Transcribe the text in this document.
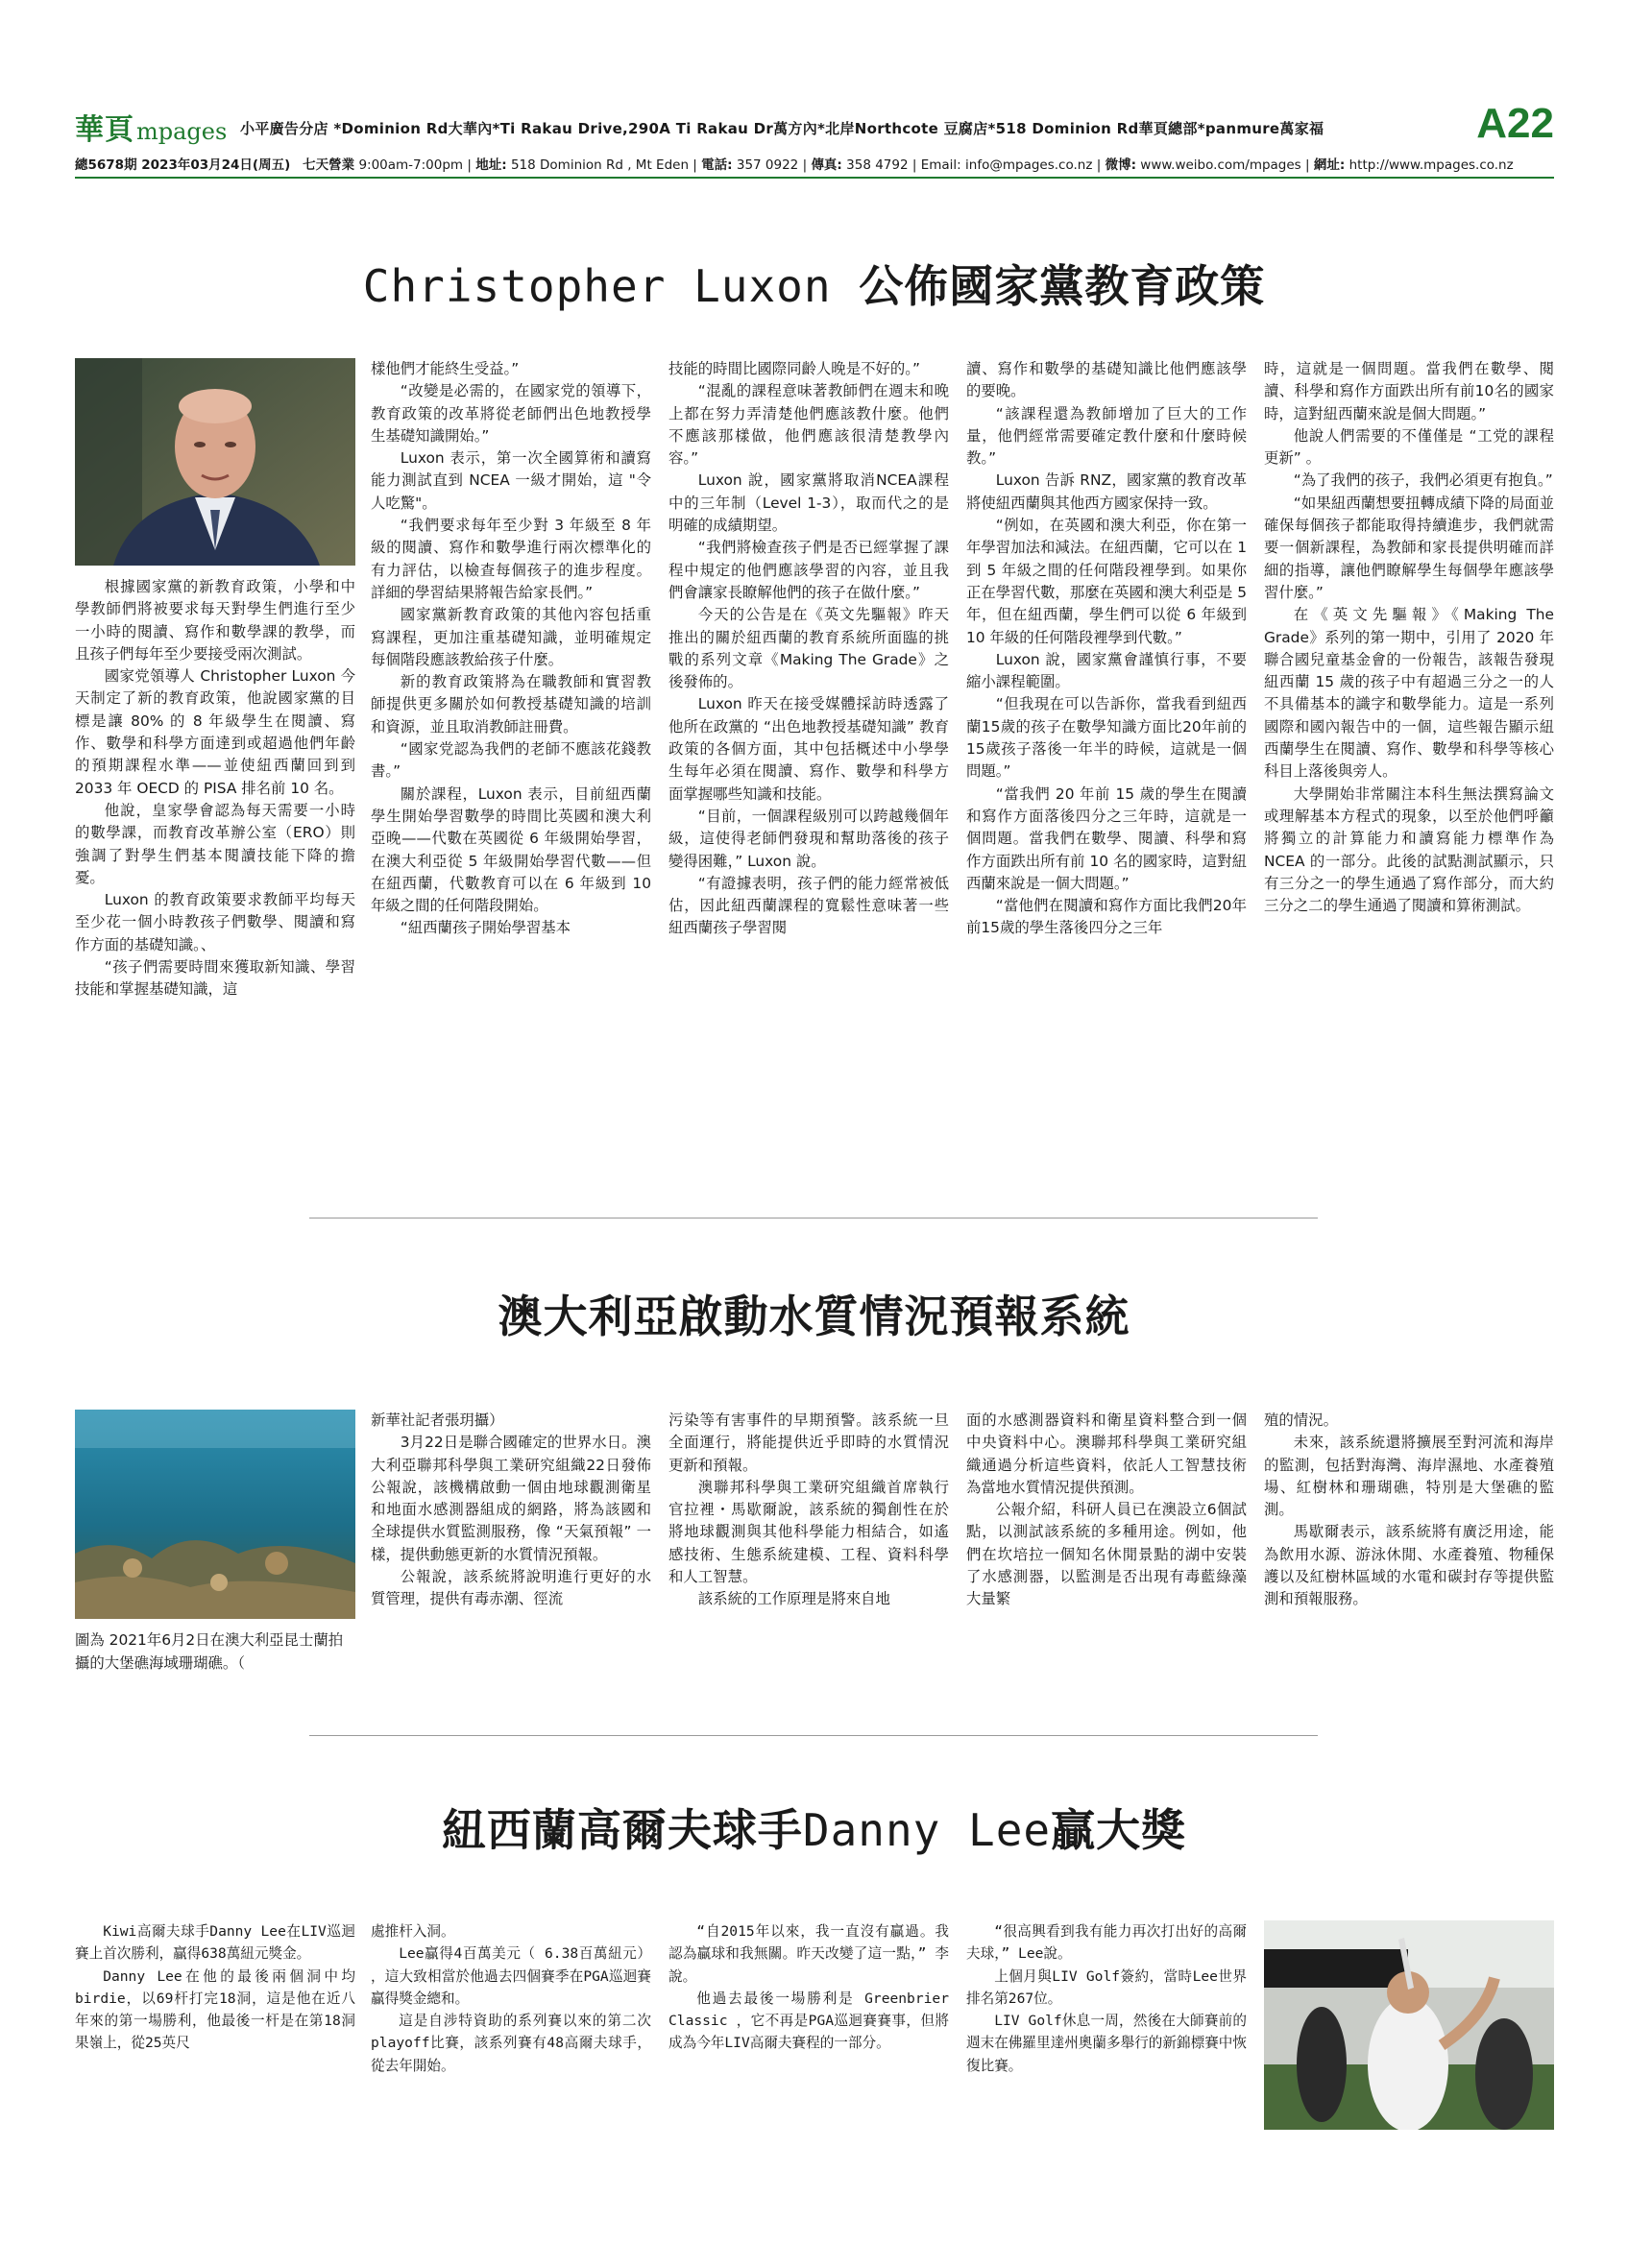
華頁 mpages 小平廣告分店 *Dominion Rd大華內*Ti Rakau Drive,290A Ti Rakau Dr萬方內*北岸Northcote 豆腐店*518 Dominion Rd華頁總部*panmure萬家福	A22
總5678期 2023年03月24日(周五) 七天營業 9:00am-7:00pm | 地址: 518 Dominion Rd , Mt Eden | 電話: 357 0922 | 傳真: 358 4792 | Email: info@mpages.co.nz | 微博: www.weibo.com/mpages | 網址: http://www.mpages.co.nz
Christopher Luxon 公佈國家黨教育政策

根據國家黨的新教育政策，小學和中學教師們將被要求每天對學生們進行至少一小時的閱讀、寫作和數學課的教學，而且孩子們每年至少要接受兩次測試。

國家党領導人 Christopher Luxon 今天制定了新的教育政策，他說國家黨的目標是讓 80% 的 8 年級學生在閱讀、寫作、數學和科學方面達到或超過他們年齡的預期課程水準——並使紐西蘭回到到 2033 年 OECD 的 PISA 排名前 10 名。

他說，皇家學會認為每天需要一小時的數學課，而教育改革辦公室（ERO）則強調了對學生們基本閱讀技能下降的擔憂。

Luxon 的教育政策要求教師平均每天至少花一個小時教孩子們數學、閱讀和寫作方面的基礎知識。、

“孩子們需要時間來獲取新知識、學習技能和掌握基礎知識，這

樣他們才能終生受益。”

“改變是必需的，在國家党的領導下，教育政策的改革將從老師們出色地教授學生基礎知識開始。”

Luxon 表示，第一次全國算術和讀寫能力測試直到 NCEA 一級才開始，這 "令人吃驚"。

“我們要求每年至少對 3 年級至 8 年級的閱讀、寫作和數學進行兩次標準化的有力評估，以檢查每個孩子的進步程度。詳細的學習結果將報告給家長們。”

國家黨新教育政策的其他內容包括重寫課程，更加注重基礎知識，並明確規定每個階段應該教給孩子什麼。

新的教育政策將為在職教師和實習教師提供更多關於如何教授基礎知識的培訓和資源，並且取消教師註冊費。

“國家党認為我們的老師不應該花錢教書。”

關於課程，Luxon 表示，目前紐西蘭學生開始學習數學的時間比英國和澳大利亞晚——代數在英國從 6 年級開始學習，在澳大利亞從 5 年級開始學習代數——但在紐西蘭，代數教育可以在 6 年級到 10 年級之間的任何階段開始。

“紐西蘭孩子開始學習基本

技能的時間比國際同齡人晚是不好的。”

“混亂的課程意味著教師們在週末和晚上都在努力弄清楚他們應該教什麼。他們不應該那樣做，他們應該很清楚教學內容。”

Luxon 說，國家黨將取消NCEA課程中的三年制（Level 1-3），取而代之的是明確的成績期望。

“我們將檢查孩子們是否已經掌握了課程中規定的他們應該學習的內容，並且我們會讓家長瞭解他們的孩子在做什麼。”

今天的公告是在《英文先驅報》昨天推出的關於紐西蘭的教育系統所面臨的挑戰的系列文章《Making The Grade》之後發佈的。

Luxon 昨天在接受媒體採訪時透露了他所在政黨的 “出色地教授基礎知識” 教育政策的各個方面，其中包括概述中小學學生每年必須在閱讀、寫作、數學和科學方面掌握哪些知識和技能。

“目前，一個課程級別可以跨越幾個年級，這使得老師們發現和幫助落後的孩子變得困難，” Luxon 說。

“有證據表明，孩子們的能力經常被低估，因此紐西蘭課程的寬鬆性意味著一些紐西蘭孩子學習閱

讀、寫作和數學的基礎知識比他們應該學的要晚。

“該課程還為教師增加了巨大的工作量，他們經常需要確定教什麼和什麼時候教。”

Luxon 告訴 RNZ，國家黨的教育改革將使紐西蘭與其他西方國家保持一致。

“例如，在英國和澳大利亞，你在第一年學習加法和減法。在紐西蘭，它可以在 1 到 5 年級之間的任何階段裡學到。如果你正在學習代數，那麼在英國和澳大利亞是 5 年，但在紐西蘭，學生們可以從 6 年級到 10 年級的任何階段裡學到代數。”

Luxon 說，國家黨會謹慎行事，不要縮小課程範圍。

“但我現在可以告訴你，當我看到紐西蘭15歲的孩子在數學知識方面比20年前的15歲孩子落後一年半的時候，這就是一個問題。”

“當我們 20 年前 15 歲的學生在閱讀和寫作方面落後四分之三年時，這就是一個問題。當我們在數學、閱讀、科學和寫作方面跌出所有前 10 名的國家時，這對紐西蘭來說是一個大問題。”

“當他們在閱讀和寫作方面比我們20年前15歲的學生落後四分之三年

時，這就是一個問題。當我們在數學、閱讀、科學和寫作方面跌出所有前10名的國家時，這對紐西蘭來說是個大問題。”

他說人們需要的不僅僅是 “工党的課程更新” 。

“為了我們的孩子，我們必須更有抱負。”

“如果紐西蘭想要扭轉成績下降的局面並確保每個孩子都能取得持續進步，我們就需要一個新課程，為教師和家長提供明確而詳細的指導，讓他們瞭解學生每個學年應該學習什麼。”

在《英文先驅報》《Making The Grade》系列的第一期中，引用了 2020 年聯合國兒童基金會的一份報告，該報告發現紐西蘭 15 歲的孩子中有超過三分之一的人不具備基本的識字和數學能力。這是一系列國際和國內報告中的一個，這些報告顯示紐西蘭學生在閱讀、寫作、數學和科學等核心科目上落後與旁人。

大學開始非常關注本科生無法撰寫論文或理解基本方程式的現象，以至於他們呼籲將獨立的計算能力和讀寫能力標準作為 NCEA 的一部分。此後的試點測試顯示，只有三分之一的學生通過了寫作部分，而大約三分之二的學生通過了閱讀和算術測試。

澳大利亞啟動水質情況預報系統
圖為 2021年6月2日在澳大利亞昆士蘭拍攝的大堡礁海域珊瑚礁。（

新華社記者張玥攝）

3月22日是聯合國確定的世界水日。澳大利亞聯邦科學與工業研究組織22日發佈公報說，該機構啟動一個由地球觀測衛星和地面水感測器組成的網路，將為該國和全球提供水質監測服務，像 “天氣預報” 一樣，提供動態更新的水質情況預報。

公報說，該系統將說明進行更好的水質管理，提供有毒赤潮、徑流

污染等有害事件的早期預警。該系統一旦全面運行，將能提供近乎即時的水質情況更新和預報。

澳聯邦科學與工業研究組織首席執行官拉裡・馬歇爾說，該系統的獨創性在於將地球觀測與其他科學能力相結合，如遙感技術、生態系統建模、工程、資料科學和人工智慧。

該系統的工作原理是將來自地

面的水感測器資料和衛星資料整合到一個中央資料中心。澳聯邦科學與工業研究組織通過分析這些資料，依託人工智慧技術為當地水質情況提供預測。

公報介紹，科研人員已在澳設立6個試點，以測試該系統的多種用途。例如，他們在坎培拉一個知名休閒景點的湖中安裝了水感測器，以監測是否出現有毒藍綠藻大量繁

殖的情況。

未來，該系統還將擴展至對河流和海岸的監測，包括對海灣、海岸濕地、水產養殖場、紅樹林和珊瑚礁，特別是大堡礁的監測。

馬歇爾表示，該系統將有廣泛用途，能為飲用水源、游泳休閒、水產養殖、物種保護以及紅樹林區域的水電和碳封存等提供監測和預報服務。

紐西蘭高爾夫球手Danny Lee贏大獎

Kiwi高爾夫球手Danny Lee在LIV巡迴賽上首次勝利，贏得638萬紐元獎金。

Danny Lee在他的最後兩個洞中均birdie，以69杆打完18洞，這是他在近八年來的第一場勝利，他最後一杆是在第18洞果嶺上，從25英尺

處推杆入洞。

Lee贏得4百萬美元（ 6.38百萬紐元） ，這大致相當於他過去四個賽季在PGA巡迴賽贏得獎金總和。

這是自涉特資助的系列賽以來的第二次playoff比賽，該系列賽有48高爾夫球手，從去年開始。

“自2015年以來，我一直沒有贏過。我認為贏球和我無關。昨天改變了這一點，” 李說。

他過去最後一場勝利是 Greenbrier Classic ，它不再是PGA巡迴賽賽事，但將成為今年LIV高爾夫賽程的一部分。

“很高興看到我有能力再次打出好的高爾夫球，” Lee說。

上個月與LIV Golf簽約，當時Lee世界排名第267位。

LIV Golf休息一周，然後在大師賽前的週末在佛羅里達州奧蘭多舉行的新錦標賽中恢復比賽。
